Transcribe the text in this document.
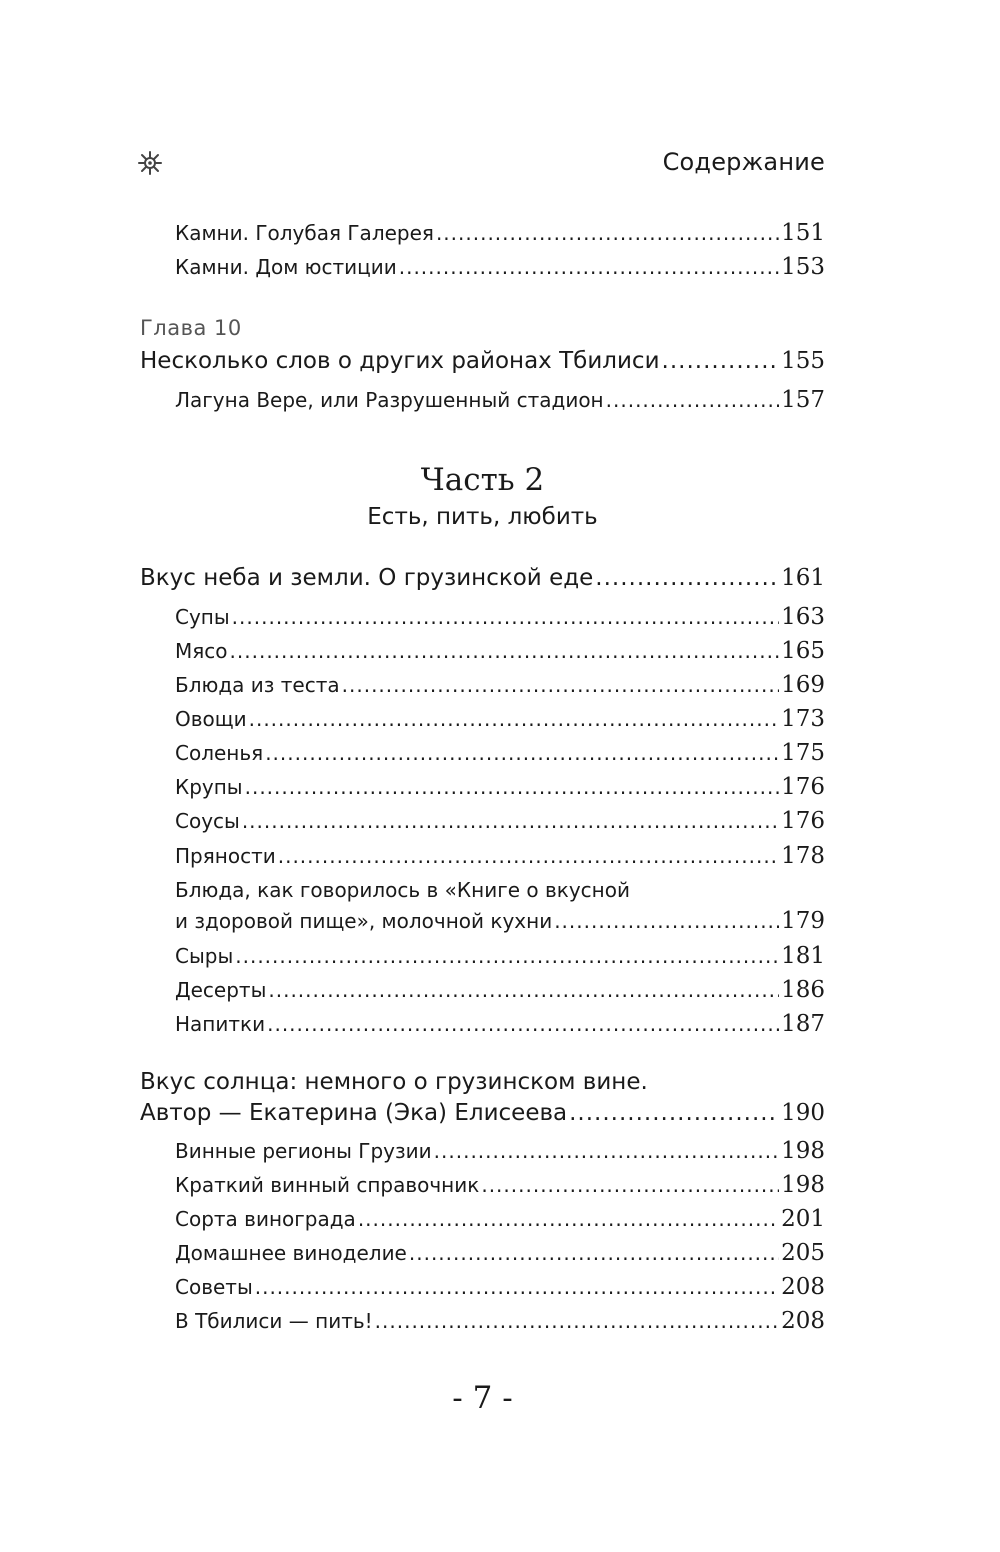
Содержание
Камни. Голубая Галерея .....	151
Камни. Дом юстиции .....	153
Глава 10
Несколько слов о других районах Тбилиси .....	155
Лагуна Вере, или Разрушенный стадион .....	157
Часть 2
Есть, пить, любить
Вкус неба и земли. О грузинской еде .....	161
Супы .....	163
Мясо .....	165
Блюда из теста .....	169
Овощи .....	173
Соленья .....	175
Крупы .....	176
Соусы .....	176
Пряности .....	178
Блюда, как говорилось в «Книге о вкусной
и здоровой пище», молочной кухни .....	179
Сыры .....	181
Десерты .....	186
Напитки .....	187
Вкус солнца: немного о грузинском вине.
Автор — Екатерина (Эка) Елисеева .....	190
Винные регионы Грузии .....	198
Краткий винный справочник .....	198
Сорта винограда .....	201
Домашнее виноделие .....	205
Советы .....	208
В Тбилиси — пить! .....	208
- 7 -
